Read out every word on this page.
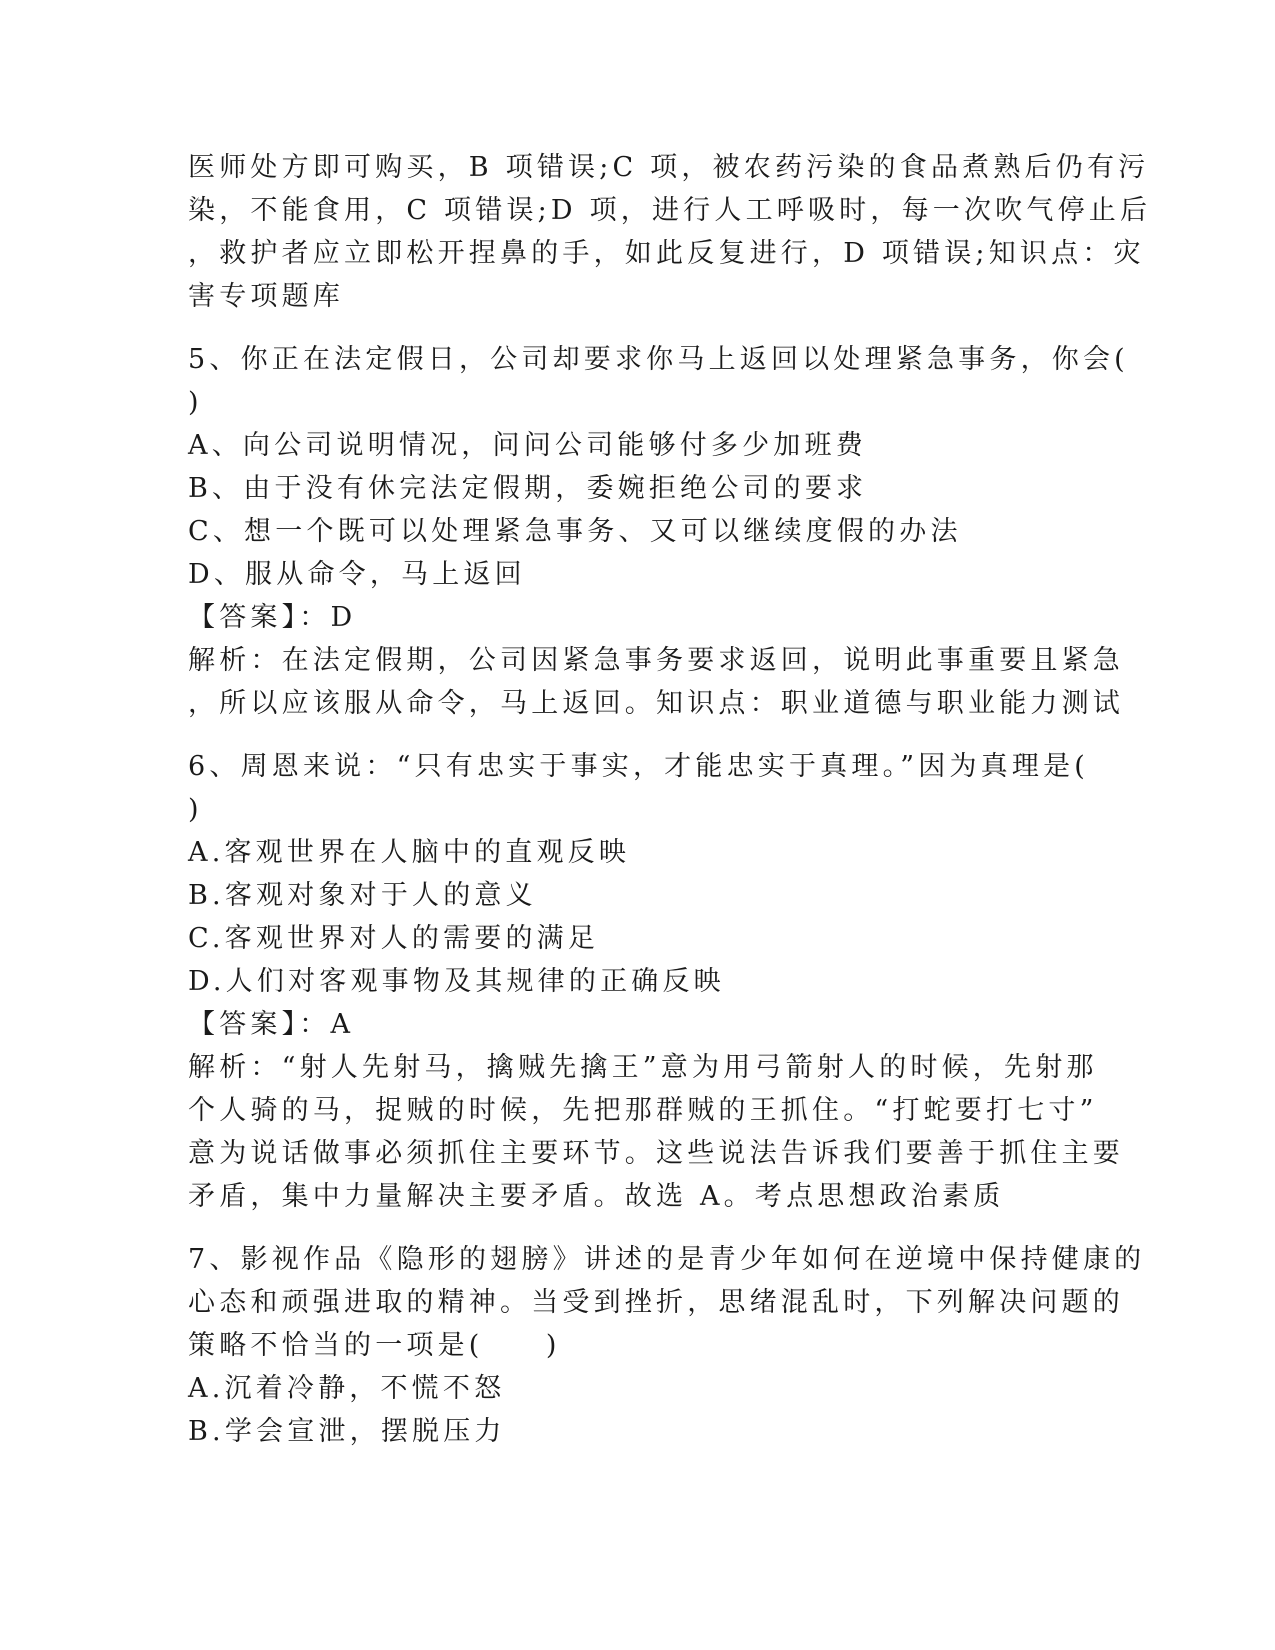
医师处方即可购买，B 项错误;C 项，被农药污染的食品煮熟后仍有污
染，不能食用，C 项错误;D 项，进行人工呼吸时，每一次吹气停止后
，救护者应立即松开捏鼻的手，如此反复进行，D 项错误;知识点：灾
害专项题库
5、你正在法定假日，公司却要求你马上返回以处理紧急事务，你会(
)
A、向公司说明情况，问问公司能够付多少加班费
B、由于没有休完法定假期，委婉拒绝公司的要求
C、想一个既可以处理紧急事务、又可以继续度假的办法
D、服从命令，马上返回
【答案】：D
解析：在法定假期，公司因紧急事务要求返回，说明此事重要且紧急
，所以应该服从命令，马上返回。知识点：职业道德与职业能力测试
6、周恩来说：“只有忠实于事实，才能忠实于真理。”因为真理是(
)
A.客观世界在人脑中的直观反映
B.客观对象对于人的意义
C.客观世界对人的需要的满足
D.人们对客观事物及其规律的正确反映
【答案】：A
解析：“射人先射马，擒贼先擒王”意为用弓箭射人的时候，先射那
个人骑的马，捉贼的时候，先把那群贼的王抓住。“打蛇要打七寸”
意为说话做事必须抓住主要环节。这些说法告诉我们要善于抓住主要
矛盾，集中力量解决主要矛盾。故选 A。考点思想政治素质
7、影视作品《隐形的翅膀》讲述的是青少年如何在逆境中保持健康的
心态和顽强进取的精神。当受到挫折，思绪混乱时，下列解决问题的
策略不恰当的一项是(　　)
A.沉着冷静，不慌不怒
B.学会宣泄，摆脱压力
